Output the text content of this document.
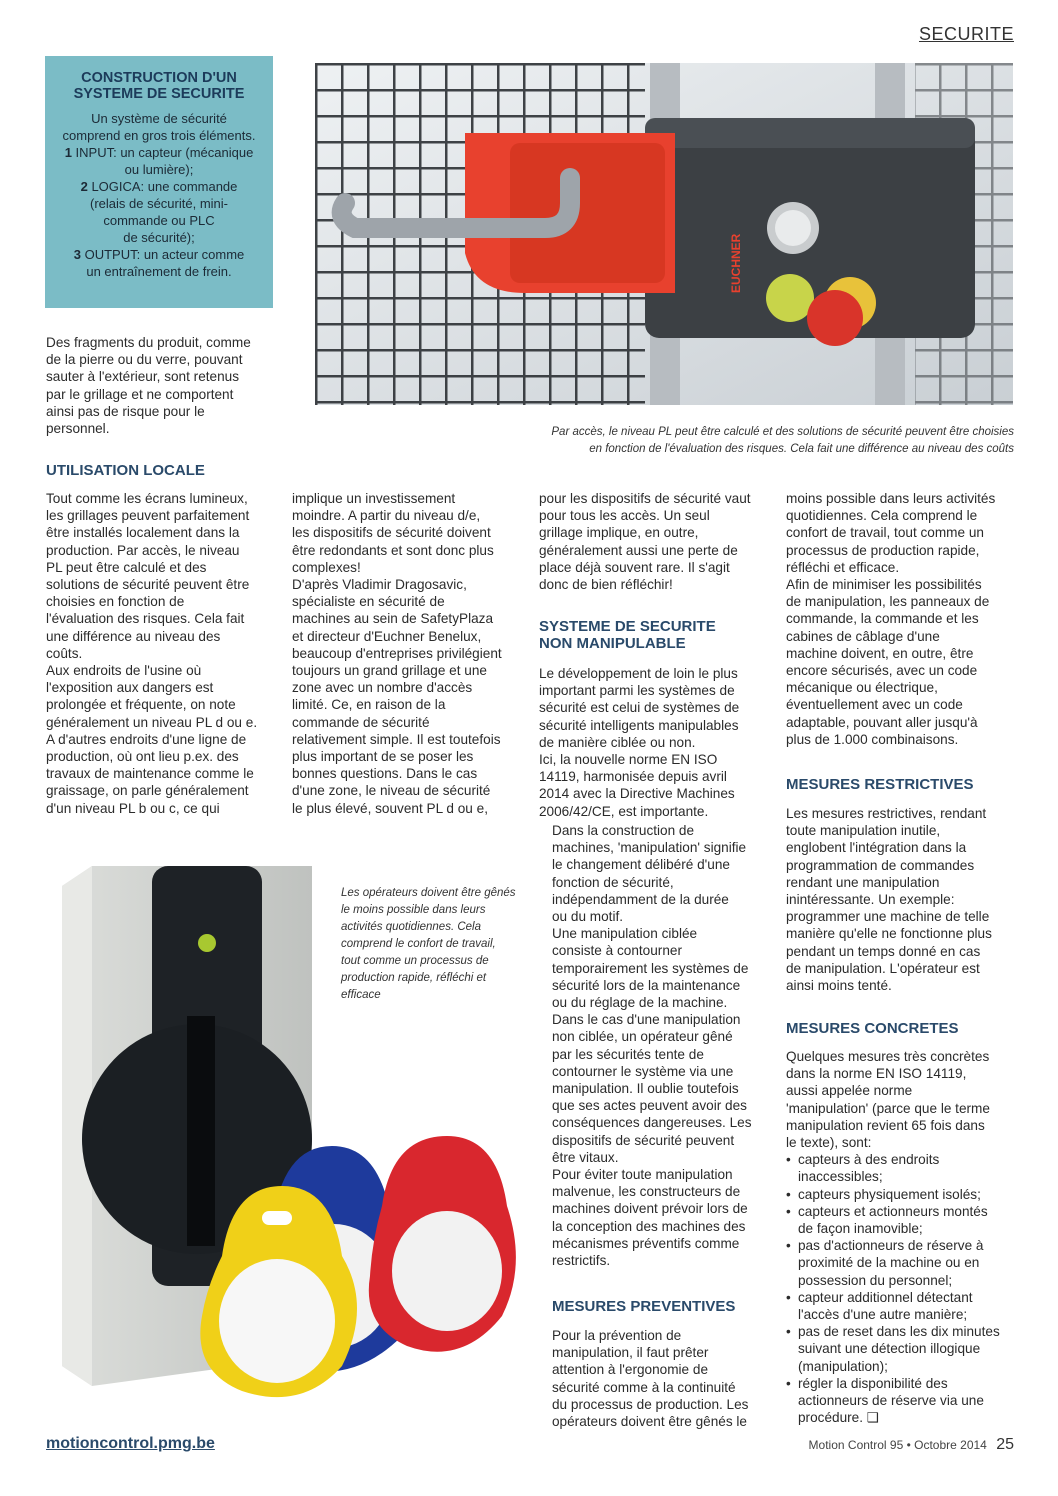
SECURITE
CONSTRUCTION D'UN
SYSTEME DE SECURITE

Un système de sécurité
comprend en gros trois éléments.
1 INPUT: un capteur (mécanique
ou lumière);
2 LOGICA: une commande
(relais de sécurité, mini-
commande ou PLC
de sécurité);
3 OUTPUT: un acteur comme
un entraînement de frein.	EUCHNER
Par accès, le niveau PL peut être calculé et des solutions de sécurité peuvent être choisies
en fonction de l'évaluation des risques. Cela fait une différence au niveau des coûts

Des fragments du produit, comme
de la pierre ou du verre, pouvant
sauter à l'extérieur, sont retenus
par le grillage et ne comportent
ainsi pas de risque pour le
personnel.

UTILISATION LOCALE

Tout comme les écrans lumineux,
les grillages peuvent parfaitement
être installés localement dans la
production. Par accès, le niveau
PL peut être calculé et des
solutions de sécurité peuvent être
choisies en fonction de
l'évaluation des risques. Cela fait
une différence au niveau des
coûts.
Aux endroits de l'usine où
l'exposition aux dangers est
prolongée et fréquente, on note
généralement un niveau PL d ou e.
A d'autres endroits d'une ligne de
production, où ont lieu p.ex. des
travaux de maintenance comme le
graissage, on parle généralement
d'un niveau PL b ou c, ce qui

implique un investissement
moindre. A partir du niveau d/e,
les dispositifs de sécurité doivent
être redondants et sont donc plus
complexes!
D'après Vladimir Dragosavic,
spécialiste en sécurité de
machines au sein de SafetyPlaza
et directeur d'Euchner Benelux,
beaucoup d'entreprises privilégient
toujours un grand grillage et une
zone avec un nombre d'accès
limité. Ce, en raison de la
commande de sécurité
relativement simple. Il est toutefois
plus important de se poser les
bonnes questions. Dans le cas
d'une zone, le niveau de sécurité
le plus élevé, souvent PL d ou e,

Les opérateurs doivent être gênés
le moins possible dans leurs
activités quotidiennes. Cela
comprend le confort de travail,
tout comme un processus de
production rapide, réfléchi et
efficace

pour les dispositifs de sécurité vaut
pour tous les accès. Un seul
grillage implique, en outre,
généralement aussi une perte de
place déjà souvent rare. Il s'agit
donc de bien réfléchir!

SYSTEME DE SECURITE
NON MANIPULABLE

Le développement de loin le plus
important parmi les systèmes de
sécurité est celui de systèmes de
sécurité intelligents manipulables
de manière ciblée ou non.
Ici, la nouvelle norme EN ISO
14119, harmonisée depuis avril
2014 avec la Directive Machines
2006/42/CE, est importante.

Dans la construction de
machines, 'manipulation' signifie
le changement délibéré d'une
fonction de sécurité,
indépendamment de la durée
ou du motif.
Une manipulation ciblée
consiste à contourner
temporairement les systèmes de
sécurité lors de la maintenance
ou du réglage de la machine.
Dans le cas d'une manipulation
non ciblée, un opérateur gêné
par les sécurités tente de
contourner le système via une
manipulation. Il oublie toutefois
que ses actes peuvent avoir des
conséquences dangereuses. Les
dispositifs de sécurité peuvent
être vitaux.
Pour éviter toute manipulation
malvenue, les constructeurs de
machines doivent prévoir lors de
la conception des machines des
mécanismes préventifs comme
restrictifs.

MESURES PREVENTIVES

Pour la prévention de
manipulation, il faut prêter
attention à l'ergonomie de
sécurité comme à la continuité
du processus de production. Les
opérateurs doivent être gênés le

moins possible dans leurs activités
quotidiennes. Cela comprend le
confort de travail, tout comme un
processus de production rapide,
réfléchi et efficace.
Afin de minimiser les possibilités
de manipulation, les panneaux de
commande, la commande et les
cabines de câblage d'une
machine doivent, en outre, être
encore sécurisés, avec un code
mécanique ou électrique,
éventuellement avec un code
adaptable, pouvant aller jusqu'à
plus de 1.000 combinaisons.

MESURES RESTRICTIVES

Les mesures restrictives, rendant
toute manipulation inutile,
englobent l'intégration dans la
programmation de commandes
rendant une manipulation
inintéressante. Un exemple:
programmer une machine de telle
manière qu'elle ne fonctionne plus
pendant un temps donné en cas
de manipulation. L'opérateur est
ainsi moins tenté.

MESURES CONCRETES

Quelques mesures très concrètes
dans la norme EN ISO 14119,
aussi appelée norme
'manipulation' (parce que le terme
manipulation revient 65 fois dans
le texte), sont:

• capteurs à des endroits
inaccessibles;
• capteurs physiquement isolés;
• capteurs et actionneurs montés
de façon inamovible;
• pas d'actionneurs de réserve à
proximité de la machine ou en
possession du personnel;
• capteur additionnel détectant
l'accès d'une autre manière;
• pas de reset dans les dix minutes
suivant une détection illogique
(manipulation);
• régler la disponibilité des
actionneurs de réserve via une
procédure. ❑
motioncontrol.pmg.be	Motion Control 95 • Octobre 2014 25
